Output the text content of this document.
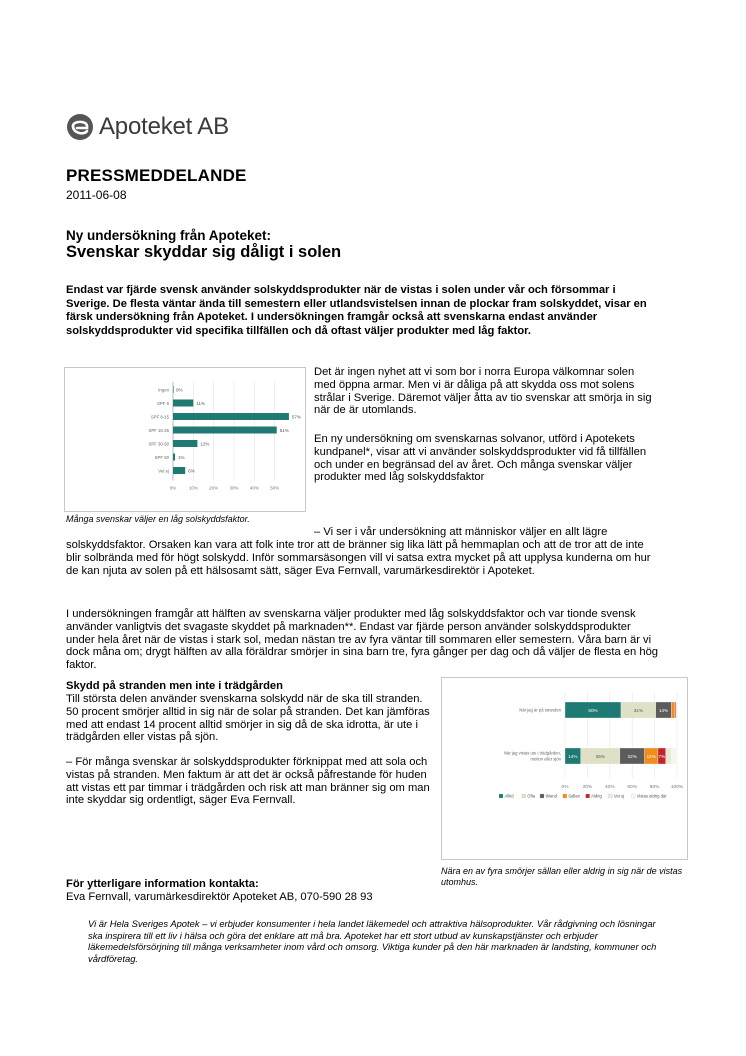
Apoteket AB
PRESSMEDDELANDE
2011-06-08
Ny undersökning från Apoteket:
Svenskar skyddar sig dåligt i solen
Endast var fjärde svensk använder solskyddsprodukter när de vistas i solen under vår och försommar i Sverige. De flesta väntar ända till semestern eller utlandsvistelsen innan de plockar fram solskyddet, visar en färsk undersökning från Apoteket. I undersökningen framgår också att svenskarna endast använder solskyddsprodukter vid specifika tillfällen och då oftast väljer produkter med låg faktor.
Ingen
SPF 6
SPF 8-15
SPF 15-25
SPF 30-50
SPF 50
Vet ej
0%
11%
57%
51%
12%
1%
6%
0%	10%	20%	30%	40%	50%
Många svenskar väljer en låg solskyddsfaktor.
Det är ingen nyhet att vi som bor i norra Europa välkomnar solen med öppna armar. Men vi är dåliga på att skydda oss mot solens strålar i Sverige. Däremot väljer åtta av tio svenskar att smörja in sig när de är utomlands.
En ny undersökning om svenskarnas solvanor, utförd i Apotekets kundpanel*, visar att vi använder solskyddsprodukter vid få tillfällen och under en begränsad del av året. Och många svenskar väljer produkter med låg solskyddsfaktor
– Vi ser i vår undersökning att människor väljer en allt lägre
solskyddsfaktor. Orsaken kan vara att folk inte tror att de bränner sig lika lätt på hemmaplan och att de tror att de inte blir solbrända med för högt solskydd. Inför sommarsäsongen vill vi satsa extra mycket på att upplysa kunderna om hur de kan njuta av solen på ett hälsosamt sätt, säger Eva Fernvall, varumärkesdirektör i Apoteket.
I undersökningen framgår att hälften av svenskarna väljer produkter med låg solskyddsfaktor och var tionde svensk använder vanligtvis det svagaste skyddet på marknaden**. Endast var fjärde person använder solskyddsprodukter under hela året när de vistas i stark sol, medan nästan tre av fyra väntar till sommaren eller semestern. Våra barn är vi dock måna om; drygt hälften av alla föräldrar smörjer in sina barn tre, fyra gånger per dag och då väljer de flesta en hög faktor.
Skydd på stranden men inte i trädgården
Till största delen använder svenskarna solskydd när de ska till stranden. 50 procent smörjer alltid in sig när de solar på stranden. Det kan jämföras med att endast 14 procent alltid smörjer in sig då de ska idrotta, är ute i trädgården eller vistas på sjön.
– För många svenskar är solskyddsprodukter förknippat med att sola och vistas på stranden. Men faktum är att det är också påfrestande för huden att vistas ett par timmar i trädgården och risk att man bränner sig om man inte skyddar sig ordentligt, säger Eva Fernvall.
50%	31%	14%
14%	35%	22% 12% 7%
När jag är på stranden
När jag vistas ute i trädgården,
motion eller sjön
0%	20%	40%	60%	80% 100%
Alltid	Ofta Ibland	Sällan	Aldrig	Vet ej	Vistas aldrig där
Nära en av fyra smörjer sällan eller aldrig in sig när de vistas utomhus.
För ytterligare information kontakta:
Eva Fernvall, varumärkesdirektör Apoteket AB, 070-590 28 93
Vi är Hela Sveriges Apotek – vi erbjuder konsumenter i hela landet läkemedel och attraktiva hälsoprodukter. Vår rådgivning och lösningar ska inspirera till ett liv i hälsa och göra det enklare att må bra. Apoteket har ett stort utbud av kunskapstjänster och erbjuder läkemedelsförsörjning till många verksamheter inom vård och omsorg. Viktiga kunder på den här marknaden är landsting, kommuner och vårdföretag.
